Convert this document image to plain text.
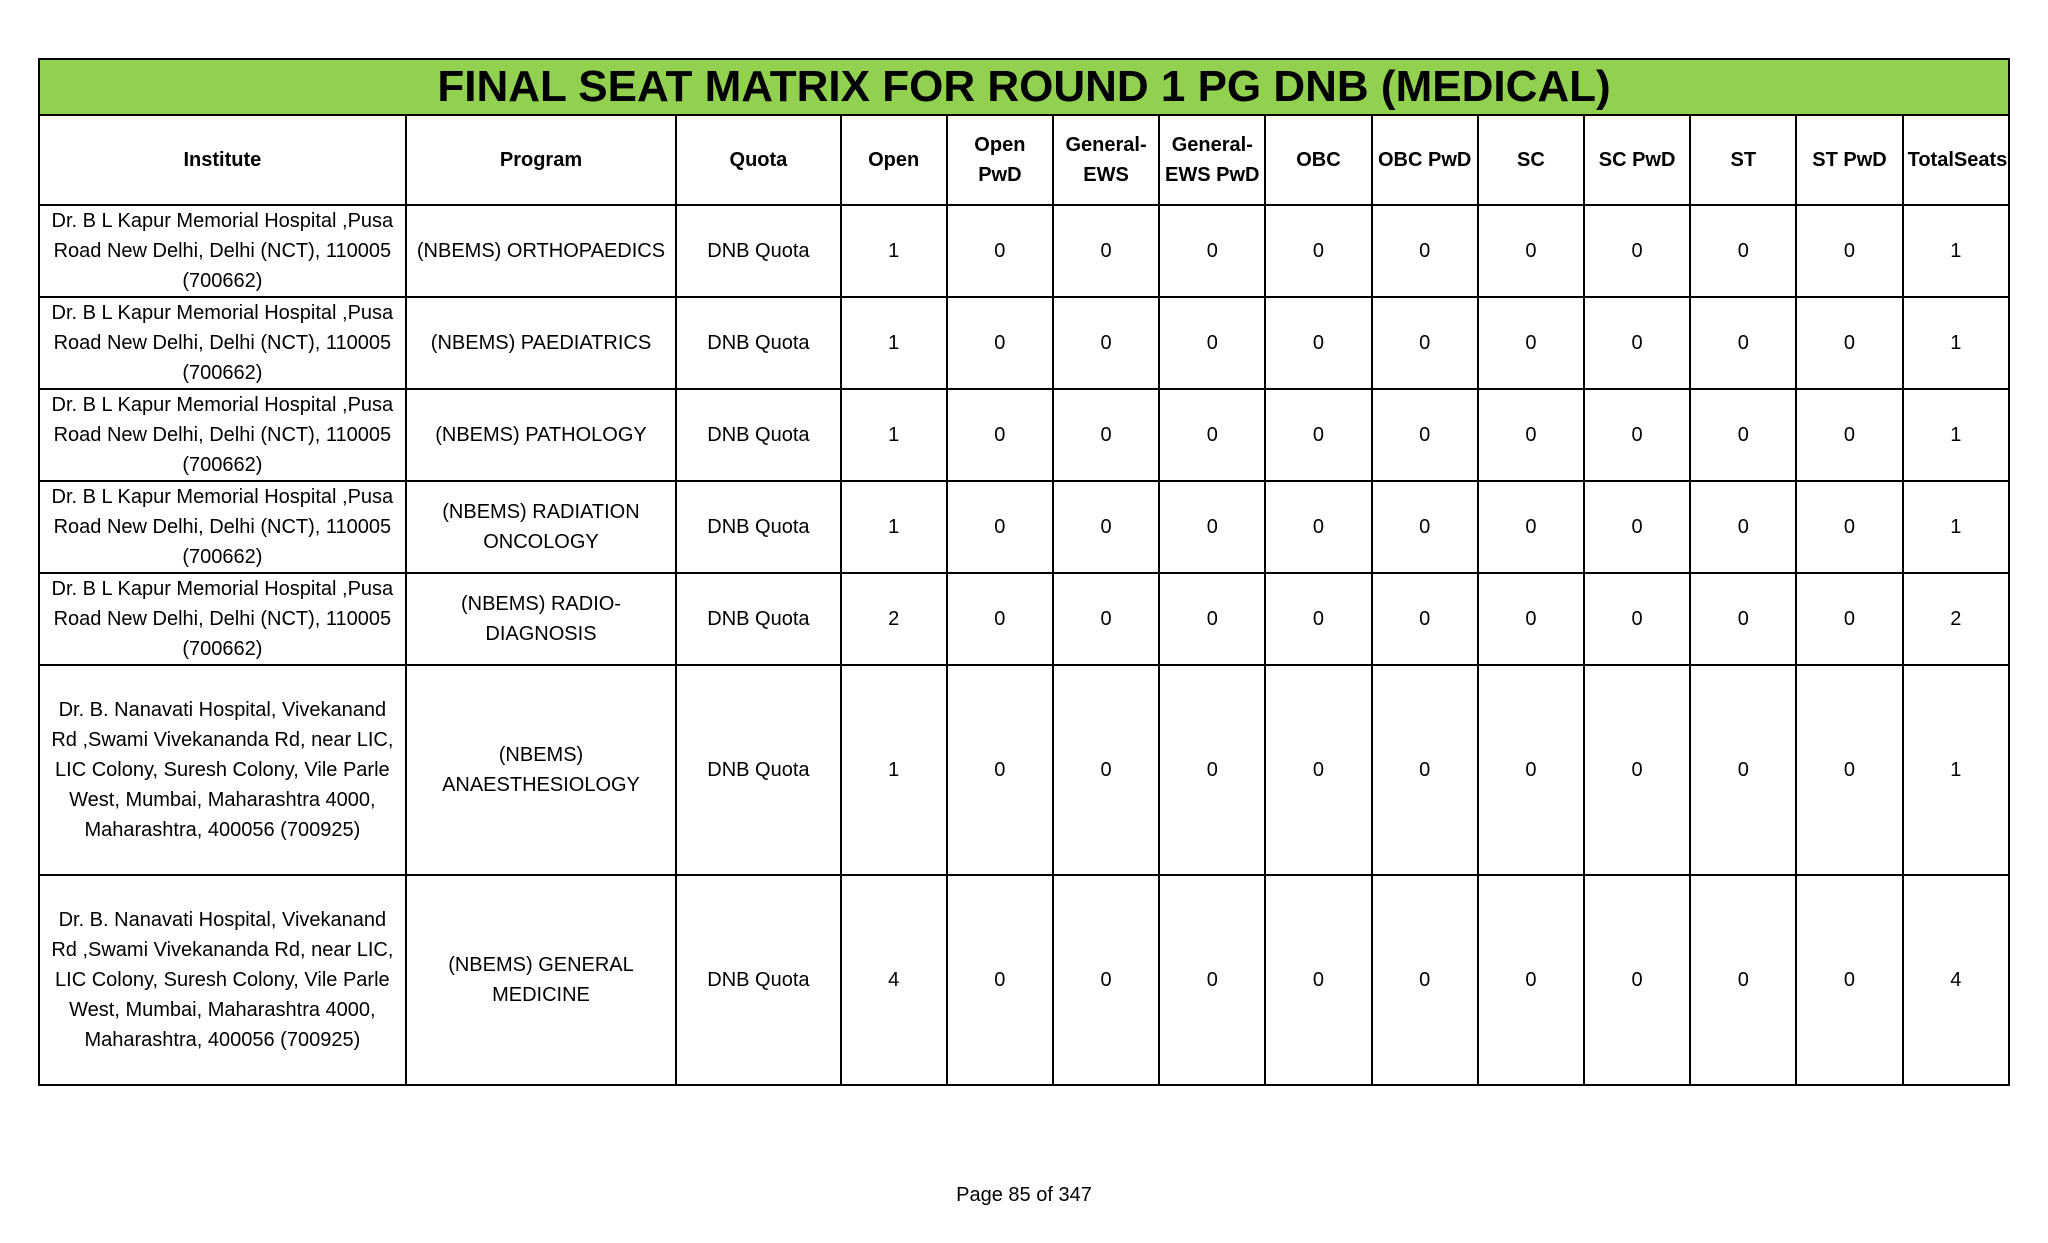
FINAL SEAT MATRIX FOR ROUND 1 PG DNB (MEDICAL)													
Institute	Program	Quota	Open	Open PwD	General-EWS	General-EWS PwD	OBC	OBC PwD	SC	SC PwD	ST	ST PwD	TotalSeats
Dr. B L Kapur Memorial Hospital ,Pusa Road New Delhi, Delhi (NCT), 110005 (700662)	(NBEMS) ORTHOPAEDICS	DNB Quota	1	0	0	0	0	0	0	0	0	0	1
Dr. B L Kapur Memorial Hospital ,Pusa Road New Delhi, Delhi (NCT), 110005 (700662)	(NBEMS) PAEDIATRICS	DNB Quota	1	0	0	0	0	0	0	0	0	0	1
Dr. B L Kapur Memorial Hospital ,Pusa Road New Delhi, Delhi (NCT), 110005 (700662)	(NBEMS) PATHOLOGY	DNB Quota	1	0	0	0	0	0	0	0	0	0	1
Dr. B L Kapur Memorial Hospital ,Pusa Road New Delhi, Delhi (NCT), 110005 (700662)	(NBEMS) RADIATION ONCOLOGY	DNB Quota	1	0	0	0	0	0	0	0	0	0	1
Dr. B L Kapur Memorial Hospital ,Pusa Road New Delhi, Delhi (NCT), 110005 (700662)	(NBEMS) RADIO-DIAGNOSIS	DNB Quota	2	0	0	0	0	0	0	0	0	0	2
Dr. B. Nanavati Hospital, Vivekanand Rd ,Swami Vivekananda Rd, near LIC, LIC Colony, Suresh Colony, Vile Parle West, Mumbai, Maharashtra 4000, Maharashtra, 400056 (700925)	(NBEMS) ANAESTHESIOLOGY	DNB Quota	1	0	0	0	0	0	0	0	0	0	1
Dr. B. Nanavati Hospital, Vivekanand Rd ,Swami Vivekananda Rd, near LIC, LIC Colony, Suresh Colony, Vile Parle West, Mumbai, Maharashtra 4000, Maharashtra, 400056 (700925)	(NBEMS) GENERAL MEDICINE	DNB Quota	4	0	0	0	0	0	0	0	0	0	4
Page 85 of 347
